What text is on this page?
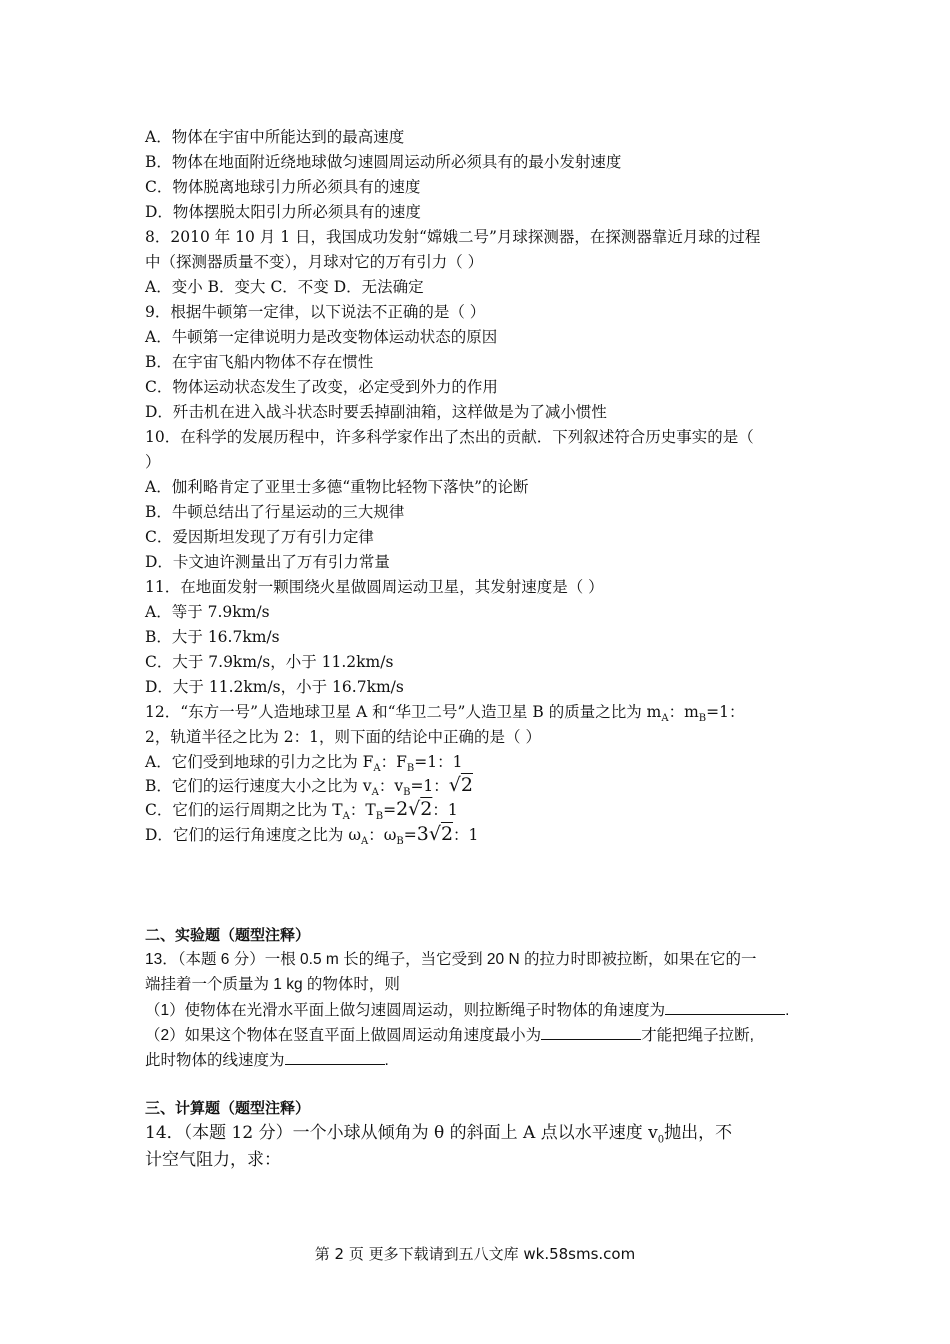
A．物体在宇宙中所能达到的最高速度
B．物体在地面附近绕地球做匀速圆周运动所必须具有的最小发射速度
C．物体脱离地球引力所必须具有的速度
D．物体摆脱太阳引力所必须具有的速度
8．2010 年 10 月 1 日，我国成功发射“嫦娥二号”月球探测器，在探测器靠近月球的过程
中（探测器质量不变），月球对它的万有引力（ ）
A．变小 B．变大 C．不变 D．无法确定
9．根据牛顿第一定律，以下说法不正确的是（ ）
A．牛顿第一定律说明力是改变物体运动状态的原因
B．在宇宙飞船内物体不存在惯性
C．物体运动状态发生了改变，必定受到外力的作用
D．歼击机在进入战斗状态时要丢掉副油箱，这样做是为了减小惯性
10．在科学的发展历程中，许多科学家作出了杰出的贡献．下列叙述符合历史事实的是（
）
A．伽利略肯定了亚里士多德“重物比轻物下落快”的论断
B．牛顿总结出了行星运动的三大规律
C．爱因斯坦发现了万有引力定律
D．卡文迪许测量出了万有引力常量
11．在地面发射一颗围绕火星做圆周运动卫星，其发射速度是（ ）
A．等于 7.9km/s
B．大于 16.7km/s
C．大于 7.9km/s，小于 11.2km/s
D．大于 11.2km/s，小于 16.7km/s
12．“东方一号”人造地球卫星 A 和“华卫二号”人造卫星 B 的质量之比为 $m_A$：$m_B=1$：
2，轨道半径之比为 2：1，则下面的结论中正确的是（ ）
A．它们受到地球的引力之比为 $F_A$：$F_B=1$：1
B．它们的运行速度大小之比为 $v_A$：$v_B=1$：√2
C．它们的运行周期之比为 $T_A$：$T_B=2√2$：1
D．它们的运行角速度之比为 $\omega_A$：$\omega_B=3√2$：1
二、实验题（题型注释）
13．（本题 6 分）一根 0.5 m 长的绳子，当它受到 20 N 的拉力时即被拉断，如果在它的一
端挂着一个质量为 1 kg 的物体时，则
（1）使物体在光滑水平面上做匀速圆周运动，则拉断绳子时物体的角速度为	.
（2）如果这个物体在竖直平面上做圆周运动角速度最小为	才能把绳子拉断,
此时物体的线速度为	.
三、计算题（题型注释）
14．（本题 12 分）一个小球从倾角为 θ 的斜面上 A 点以水平速度 $v_0$抛出，不
计空气阻力，求：
第 2 页 更多下载请到五八文库 wk.58sms.com
